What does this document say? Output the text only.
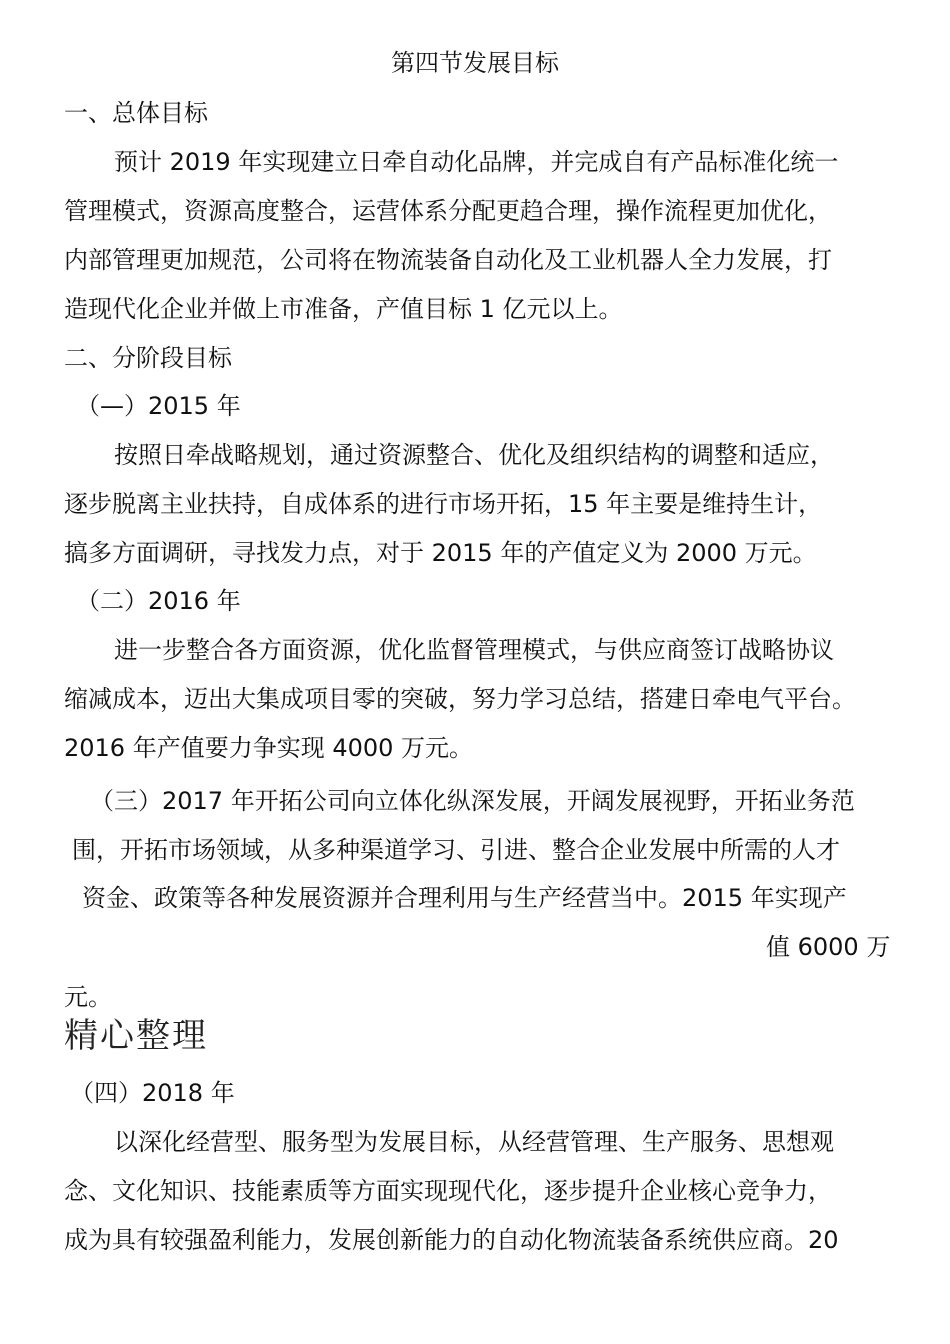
第四节发展目标
一、总体目标
预计 2019 年实现建立日牵自动化品牌，并完成自有产品标准化统一
管理模式，资源高度整合，运营体系分配更趋合理，操作流程更加优化，
内部管理更加规范，公司将在物流装备自动化及工业机器人全力发展，打
造现代化企业并做上市准备，产值目标 1 亿元以上。
二、分阶段目标
（—）2015 年
按照日牵战略规划，通过资源整合、优化及组织结构的调整和适应，
逐步脱离主业扶持，自成体系的进行市场开拓，15 年主要是维持生计，
搞多方面调研，寻找发力点，对于 2015 年的产值定义为 2000 万元。
（二）2016 年
进一步整合各方面资源，优化监督管理模式，与供应商签订战略协议
缩减成本，迈出大集成项目零的突破，努力学习总结，搭建日牵电气平台。
2016 年产值要力争实现 4000 万元。
（三）2017 年开拓公司向立体化纵深发展，开阔发展视野，开拓业务范
围，开拓市场领域，从多种渠道学习、引进、整合企业发展中所需的人才
资金、政策等各种发展资源并合理利用与生产经营当中。2015 年实现产
值 6000 万
元。
精心整理
（四）2018 年
以深化经营型、服务型为发展目标，从经营管理、生产服务、思想观
念、文化知识、技能素质等方面实现现代化，逐步提升企业核心竞争力，
成为具有较强盈利能力，发展创新能力的自动化物流装备系统供应商。20
